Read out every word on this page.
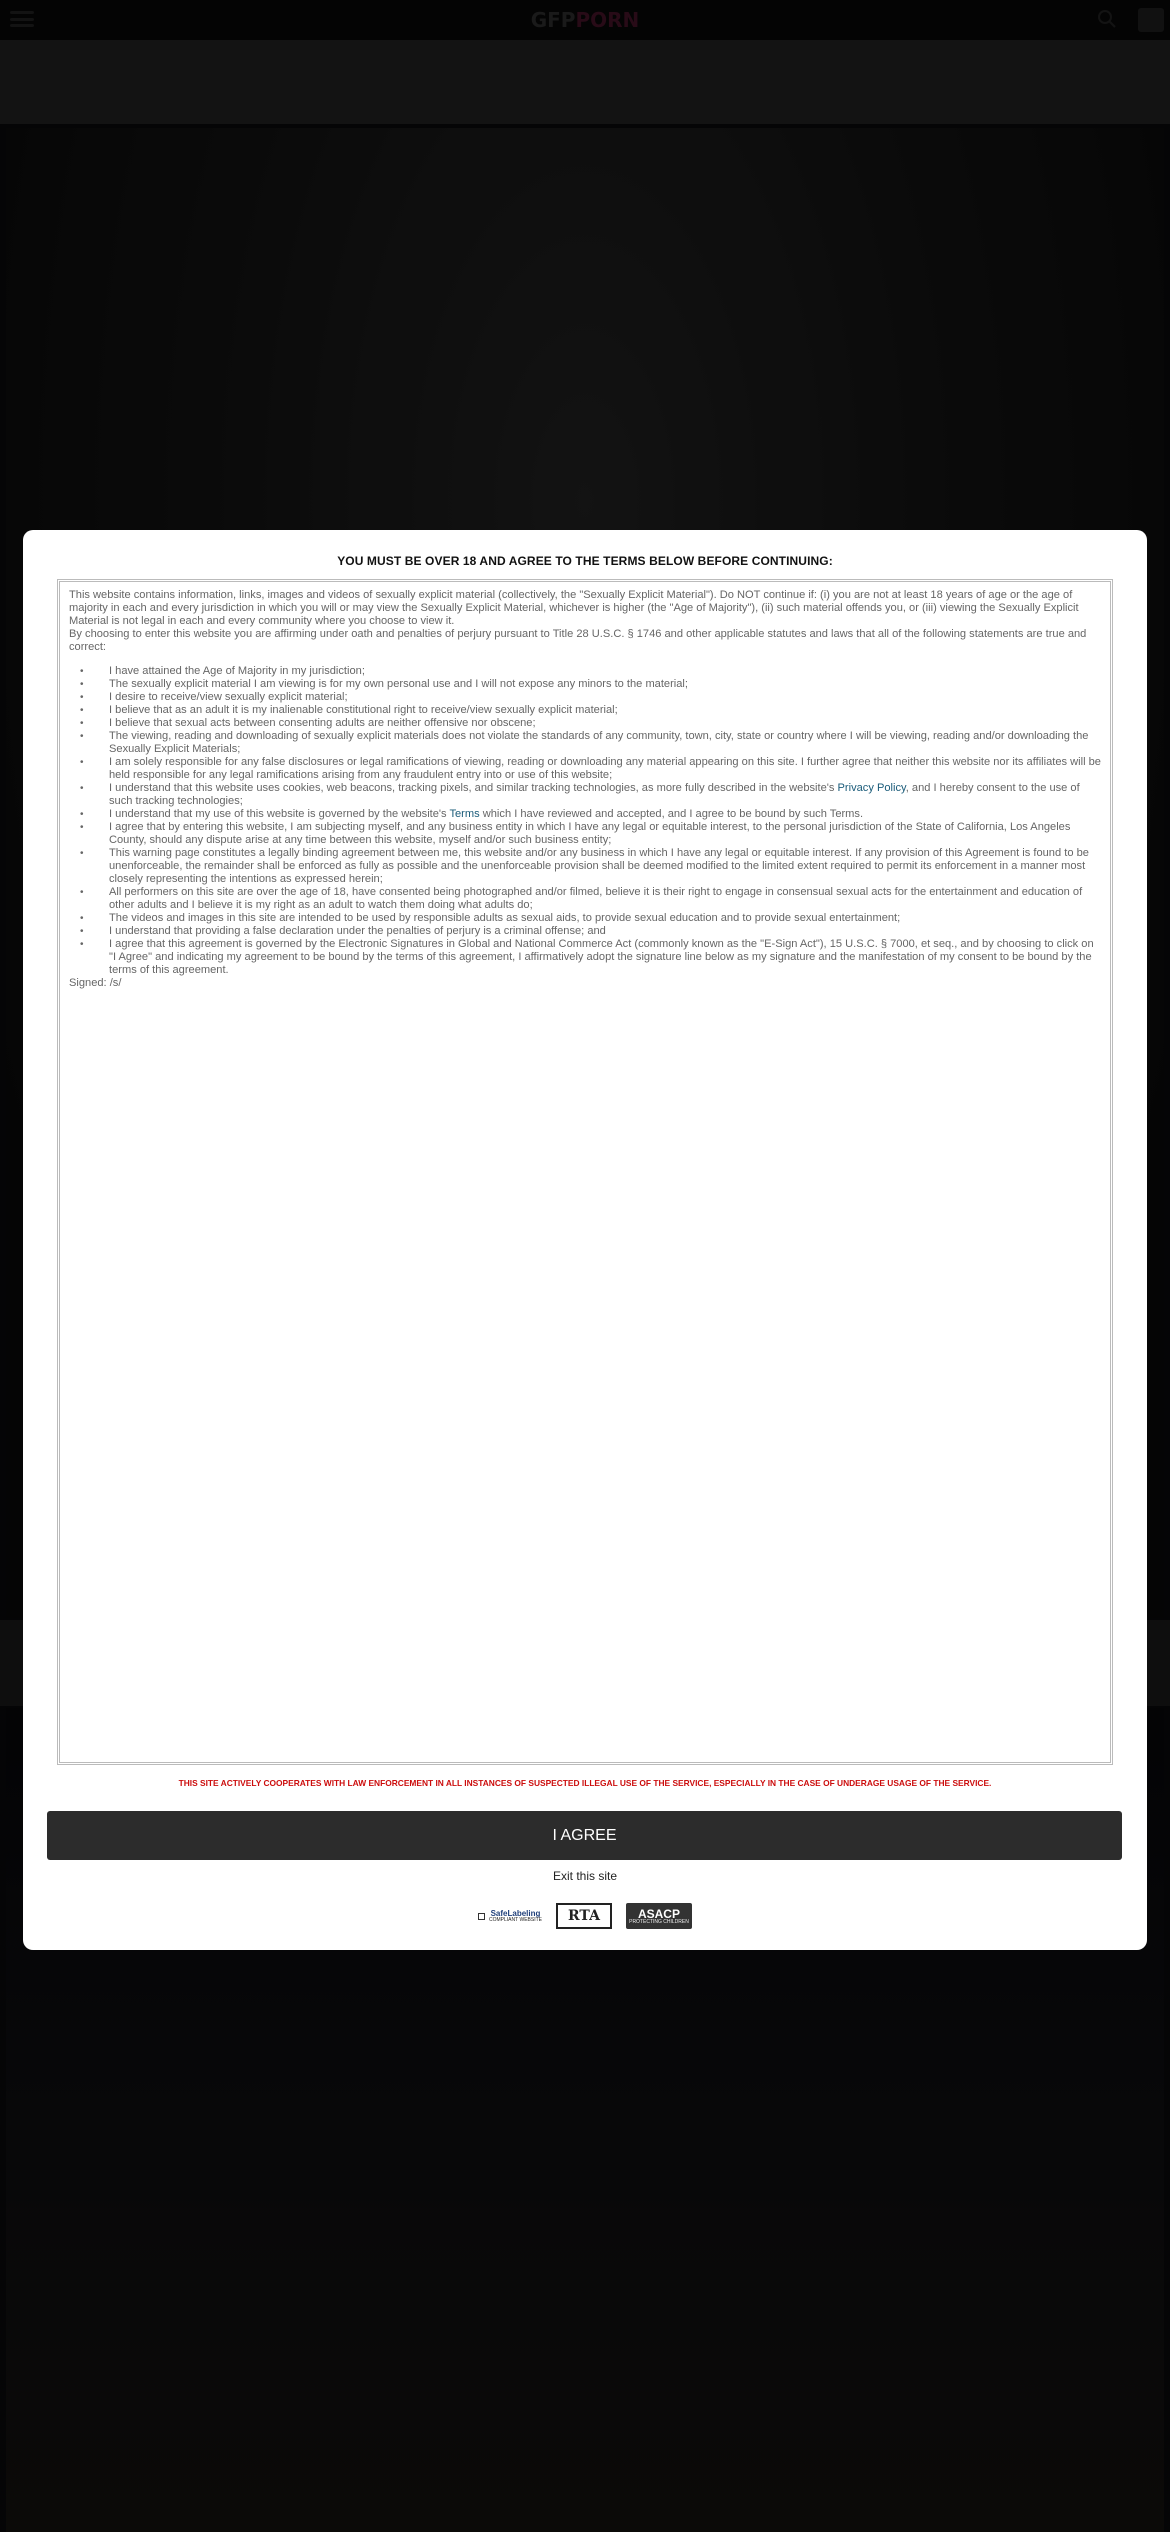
YOU MUST BE OVER 18 AND AGREE TO THE TERMS BELOW BEFORE CONTINUING:

This website contains information, links, images and videos of sexually explicit material (collectively, the "Sexually Explicit Material"). Do NOT continue if: (i) you are not at least 18 years of age or the age of majority in each and every jurisdiction in which you will or may view the Sexually Explicit Material, whichever is higher (the "Age of Majority"), (ii) such material offends you, or (iii) viewing the Sexually Explicit Material is not legal in each and every community where you choose to view it.

By choosing to enter this website you are affirming under oath and penalties of perjury pursuant to Title 28 U.S.C. § 1746 and other applicable statutes and laws that all of the following statements are true and correct:

• I have attained the Age of Majority in my jurisdiction;
• The sexually explicit material I am viewing is for my own personal use and I will not expose any minors to the material;
• I desire to receive/view sexually explicit material;
• I believe that as an adult it is my inalienable constitutional right to receive/view sexually explicit material;
• I believe that sexual acts between consenting adults are neither offensive nor obscene;
• The viewing, reading and downloading of sexually explicit materials does not violate the standards of any community, town, city, state or country where I will be viewing, reading and/or downloading the Sexually Explicit Materials;
• I am solely responsible for any false disclosures or legal ramifications of viewing, reading or downloading any material appearing on this site. I further agree that neither this website nor its affiliates will be held responsible for any legal ramifications arising from any fraudulent entry into or use of this website;
• I understand that this website uses cookies, web beacons, tracking pixels, and similar tracking technologies, as more fully described in the website's Privacy Policy, and I hereby consent to the use of such tracking technologies;
• I understand that my use of this website is governed by the website's Terms which I have reviewed and accepted, and I agree to be bound by such Terms.
• I agree that by entering this website, I am subjecting myself, and any business entity in which I have any legal or equitable interest, to the personal jurisdiction of the State of California, Los Angeles County, should any dispute arise at any time between this website, myself and/or such business entity;
• This warning page constitutes a legally binding agreement between me, this website and/or any business in which I have any legal or equitable interest. If any provision of this Agreement is found to be unenforceable, the remainder shall be enforced as fully as possible and the unenforceable provision shall be deemed modified to the limited extent required to permit its enforcement in a manner most closely representing the intentions as expressed herein;
• All performers on this site are over the age of 18, have consented being photographed and/or filmed, believe it is their right to engage in consensual sexual acts for the entertainment and education of other adults and I believe it is my right as an adult to watch them doing what adults do;
• The videos and images in this site are intended to be used by responsible adults as sexual aids, to provide sexual education and to provide sexual entertainment;
• I understand that providing a false declaration under the penalties of perjury is a criminal offense; and
• I agree that this agreement is governed by the Electronic Signatures in Global and National Commerce Act (commonly known as the "E-Sign Act"), 15 U.S.C. § 7000, et seq., and by choosing to click on "I Agree" and indicating my agreement to be bound by the terms of this agreement, I affirmatively adopt the signature line below as my signature and the manifestation of my consent to be bound by the terms of this agreement.

Signed: /s/

THIS SITE ACTIVELY COOPERATES WITH LAW ENFORCEMENT IN ALL INSTANCES OF SUSPECTED ILLEGAL USE OF THE SERVICE, ESPECIALLY IN THE CASE OF UNDERAGE USAGE OF THE SERVICE.
I AGREE
Exit this site
SafeLabeling
COMPLIANT WEBSITE	RTA	ASACP
PROTECTING CHILDREN
